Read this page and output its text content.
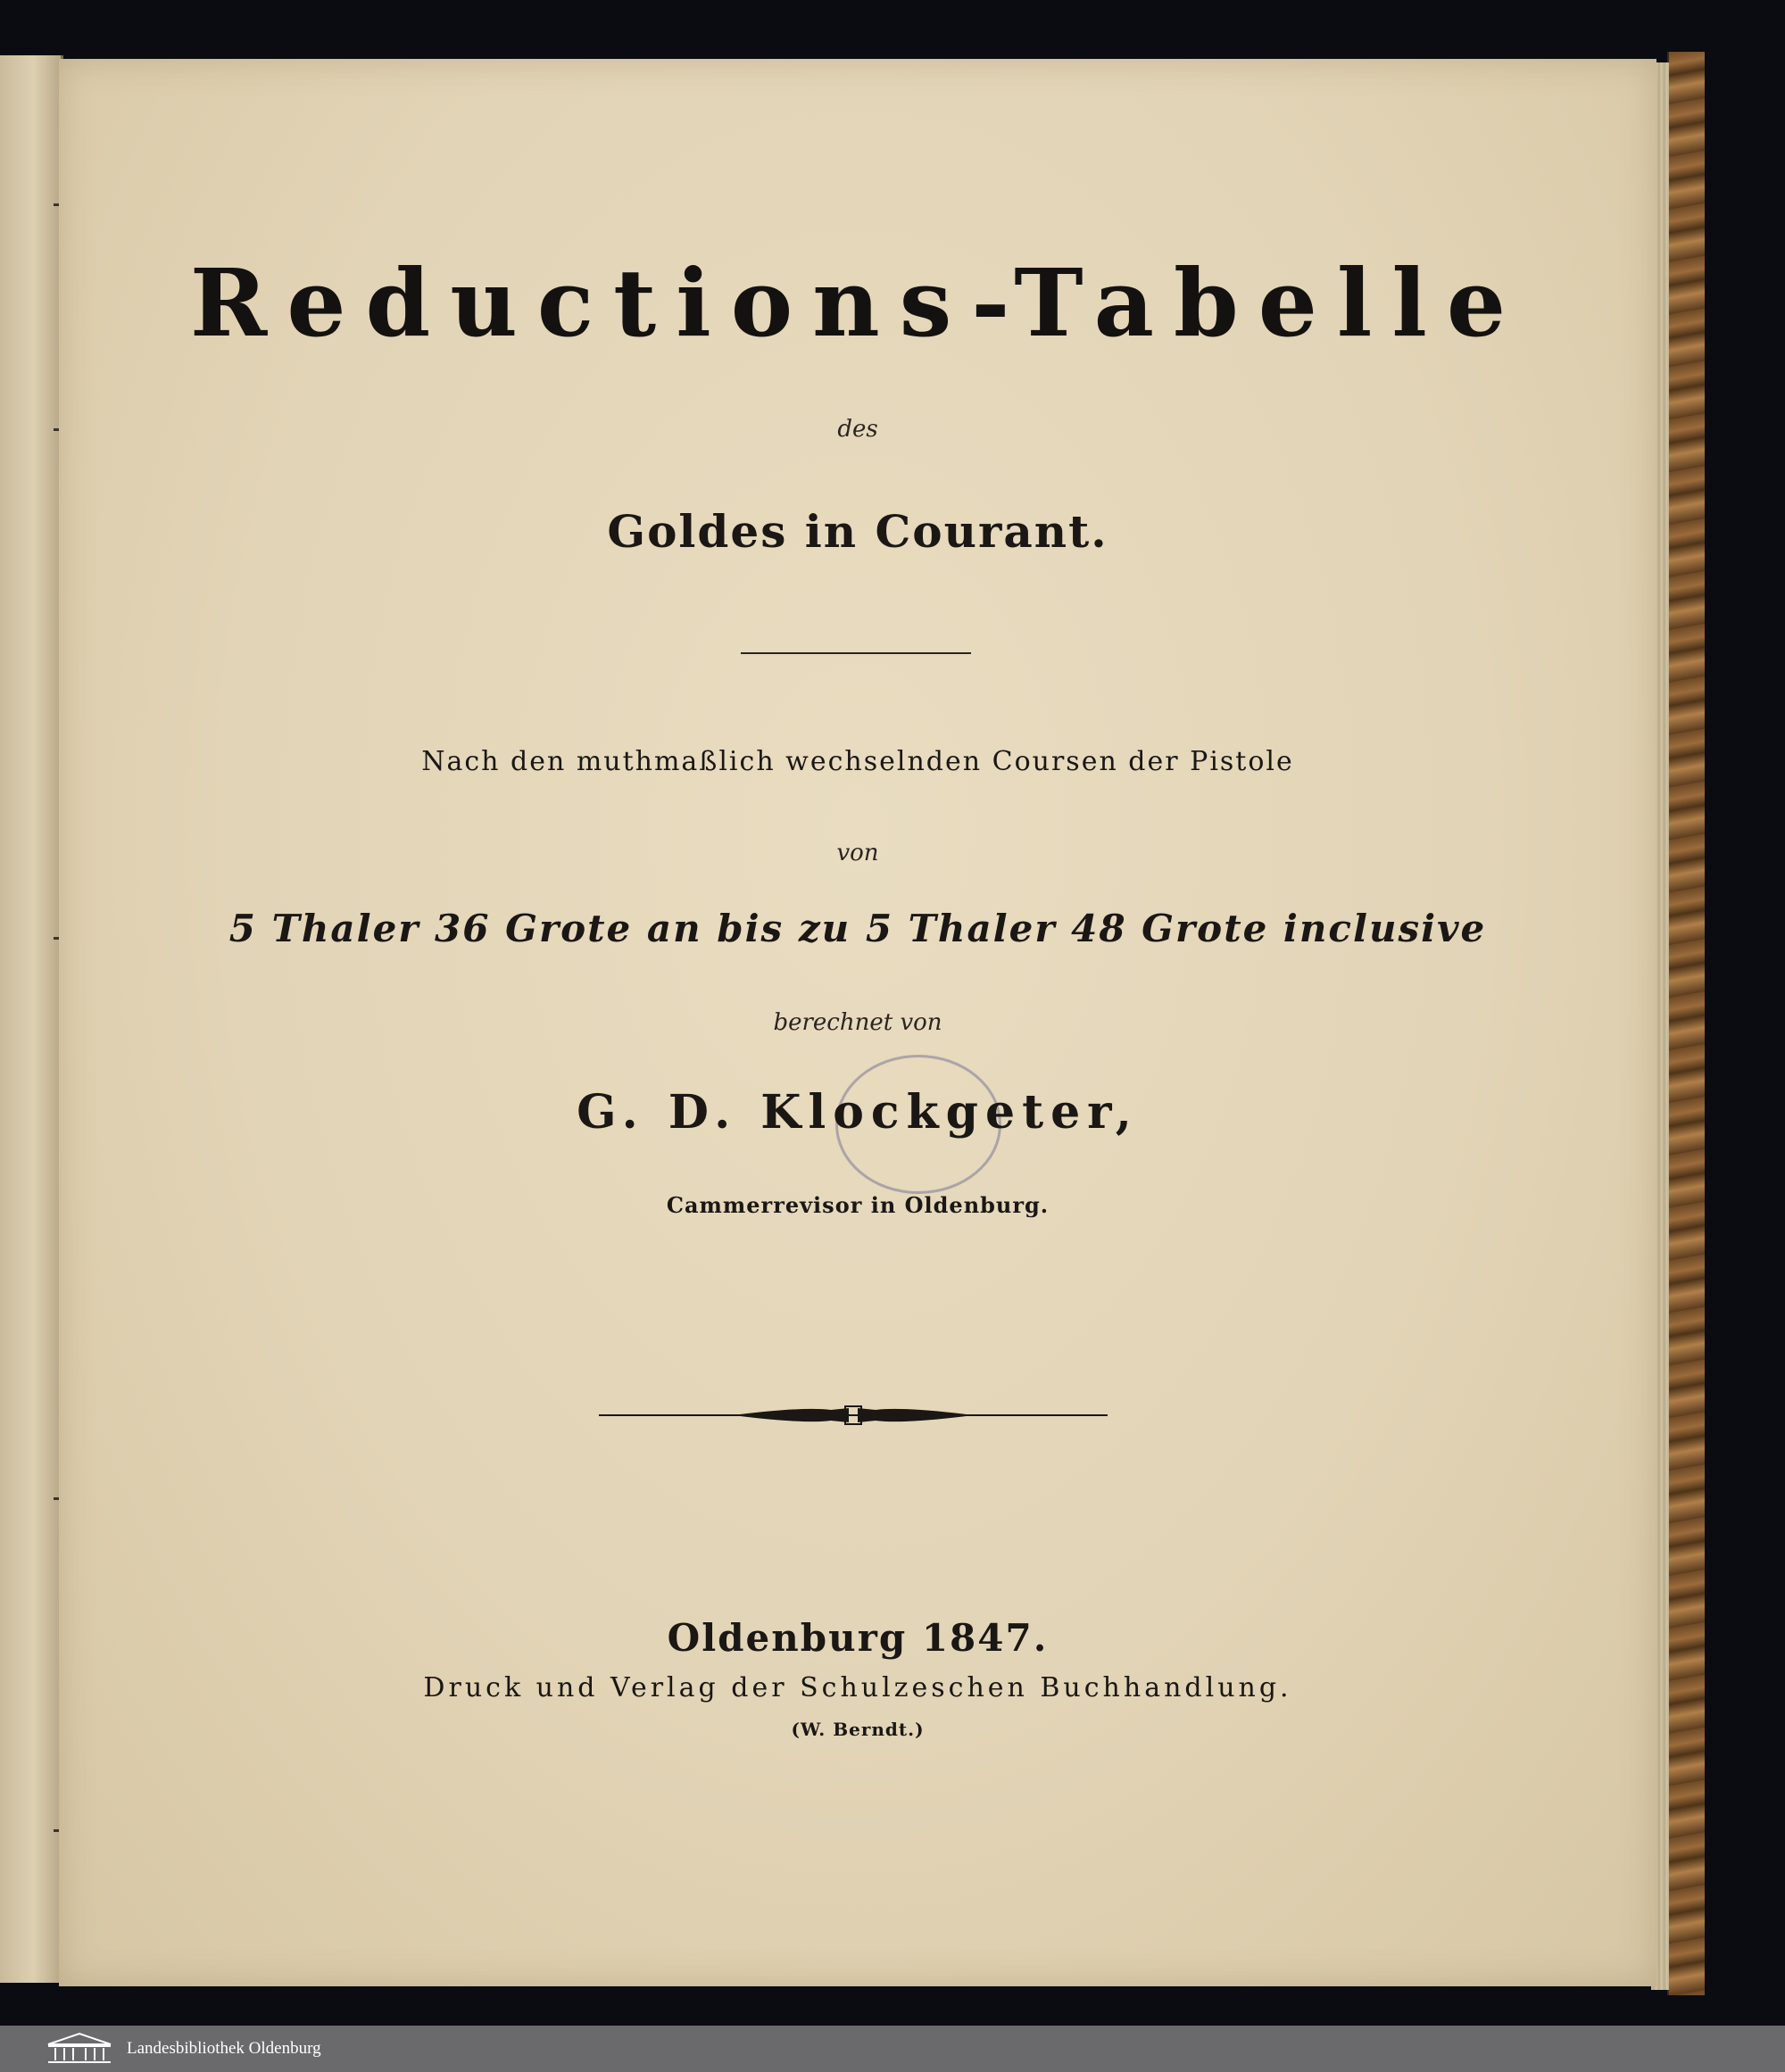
Reductions-Tabelle
des
Goldes in Courant.
Nach den muthmaßlich wechselnden Coursen der Pistole
von
5 Thaler 36 Grote an bis zu 5 Thaler 48 Grote inclusive
berechnet von
G. D. Klockgeter,
Cammerrevisor in Oldenburg.
Oldenburg 1847.
Druck und Verlag der Schulzeschen Buchhandlung.
(W. Berndt.)
Landesbibliothek Oldenburg
